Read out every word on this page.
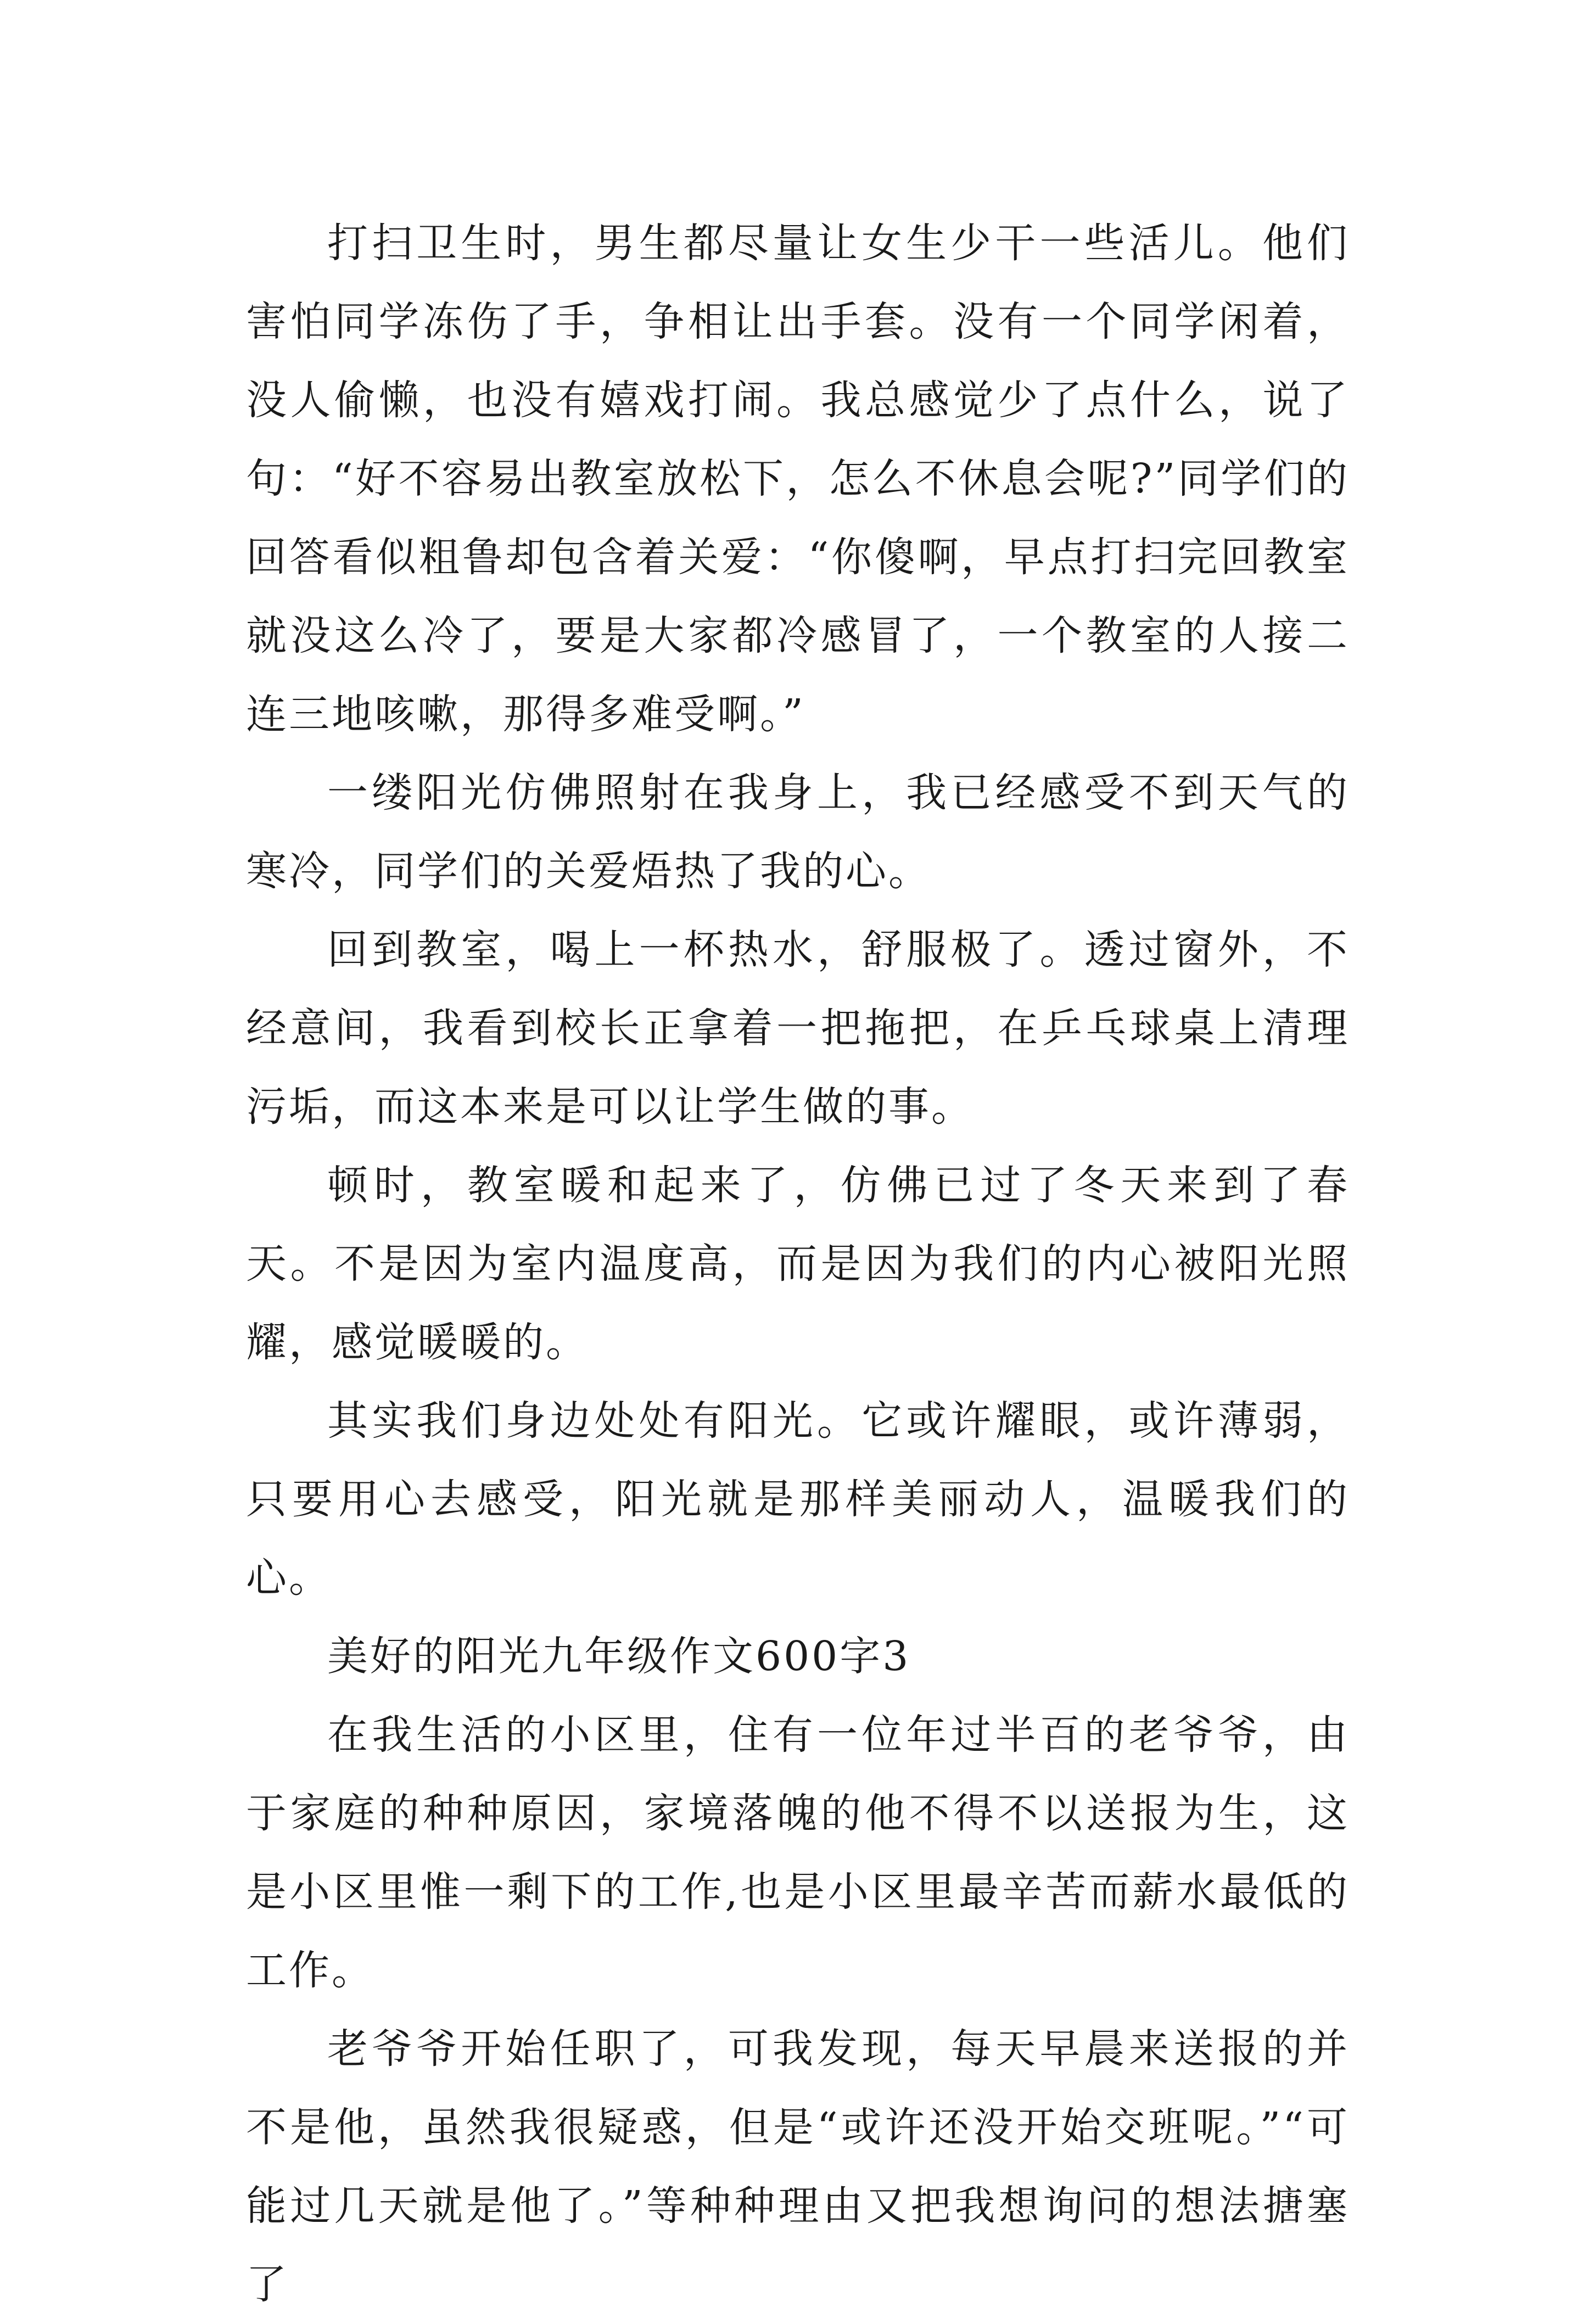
打扫卫生时，男生都尽量让女生少干一些活儿。他们害怕同学冻伤了手，争相让出手套。没有一个同学闲着，没人偷懒，也没有嬉戏打闹。我总感觉少了点什么，说了句：“好不容易出教室放松下，怎么不休息会呢?”同学们的回答看似粗鲁却包含着关爱：“你傻啊，早点打扫完回教室就没这么冷了，要是大家都冷感冒了，一个教室的人接二连三地咳嗽，那得多难受啊。”

一缕阳光仿佛照射在我身上，我已经感受不到天气的寒冷，同学们的关爱焐热了我的心。

回到教室，喝上一杯热水，舒服极了。透过窗外，不经意间，我看到校长正拿着一把拖把，在乒乓球桌上清理污垢，而这本来是可以让学生做的事。

顿时，教室暖和起来了，仿佛已过了冬天来到了春天。不是因为室内温度高，而是因为我们的内心被阳光照耀，感觉暖暖的。

其实我们身边处处有阳光。它或许耀眼，或许薄弱，只要用心去感受，阳光就是那样美丽动人，温暖我们的心。

美好的阳光九年级作文600字3

在我生活的小区里，住有一位年过半百的老爷爷，由于家庭的种种原因，家境落魄的他不得不以送报为生，这是小区里惟一剩下的工作,也是小区里最辛苦而薪水最低的工作。

老爷爷开始任职了，可我发现，每天早晨来送报的并不是他，虽然我很疑惑，但是“或许还没开始交班呢。”“可能过几天就是他了。”等种种理由又把我想询问的想法搪塞了
